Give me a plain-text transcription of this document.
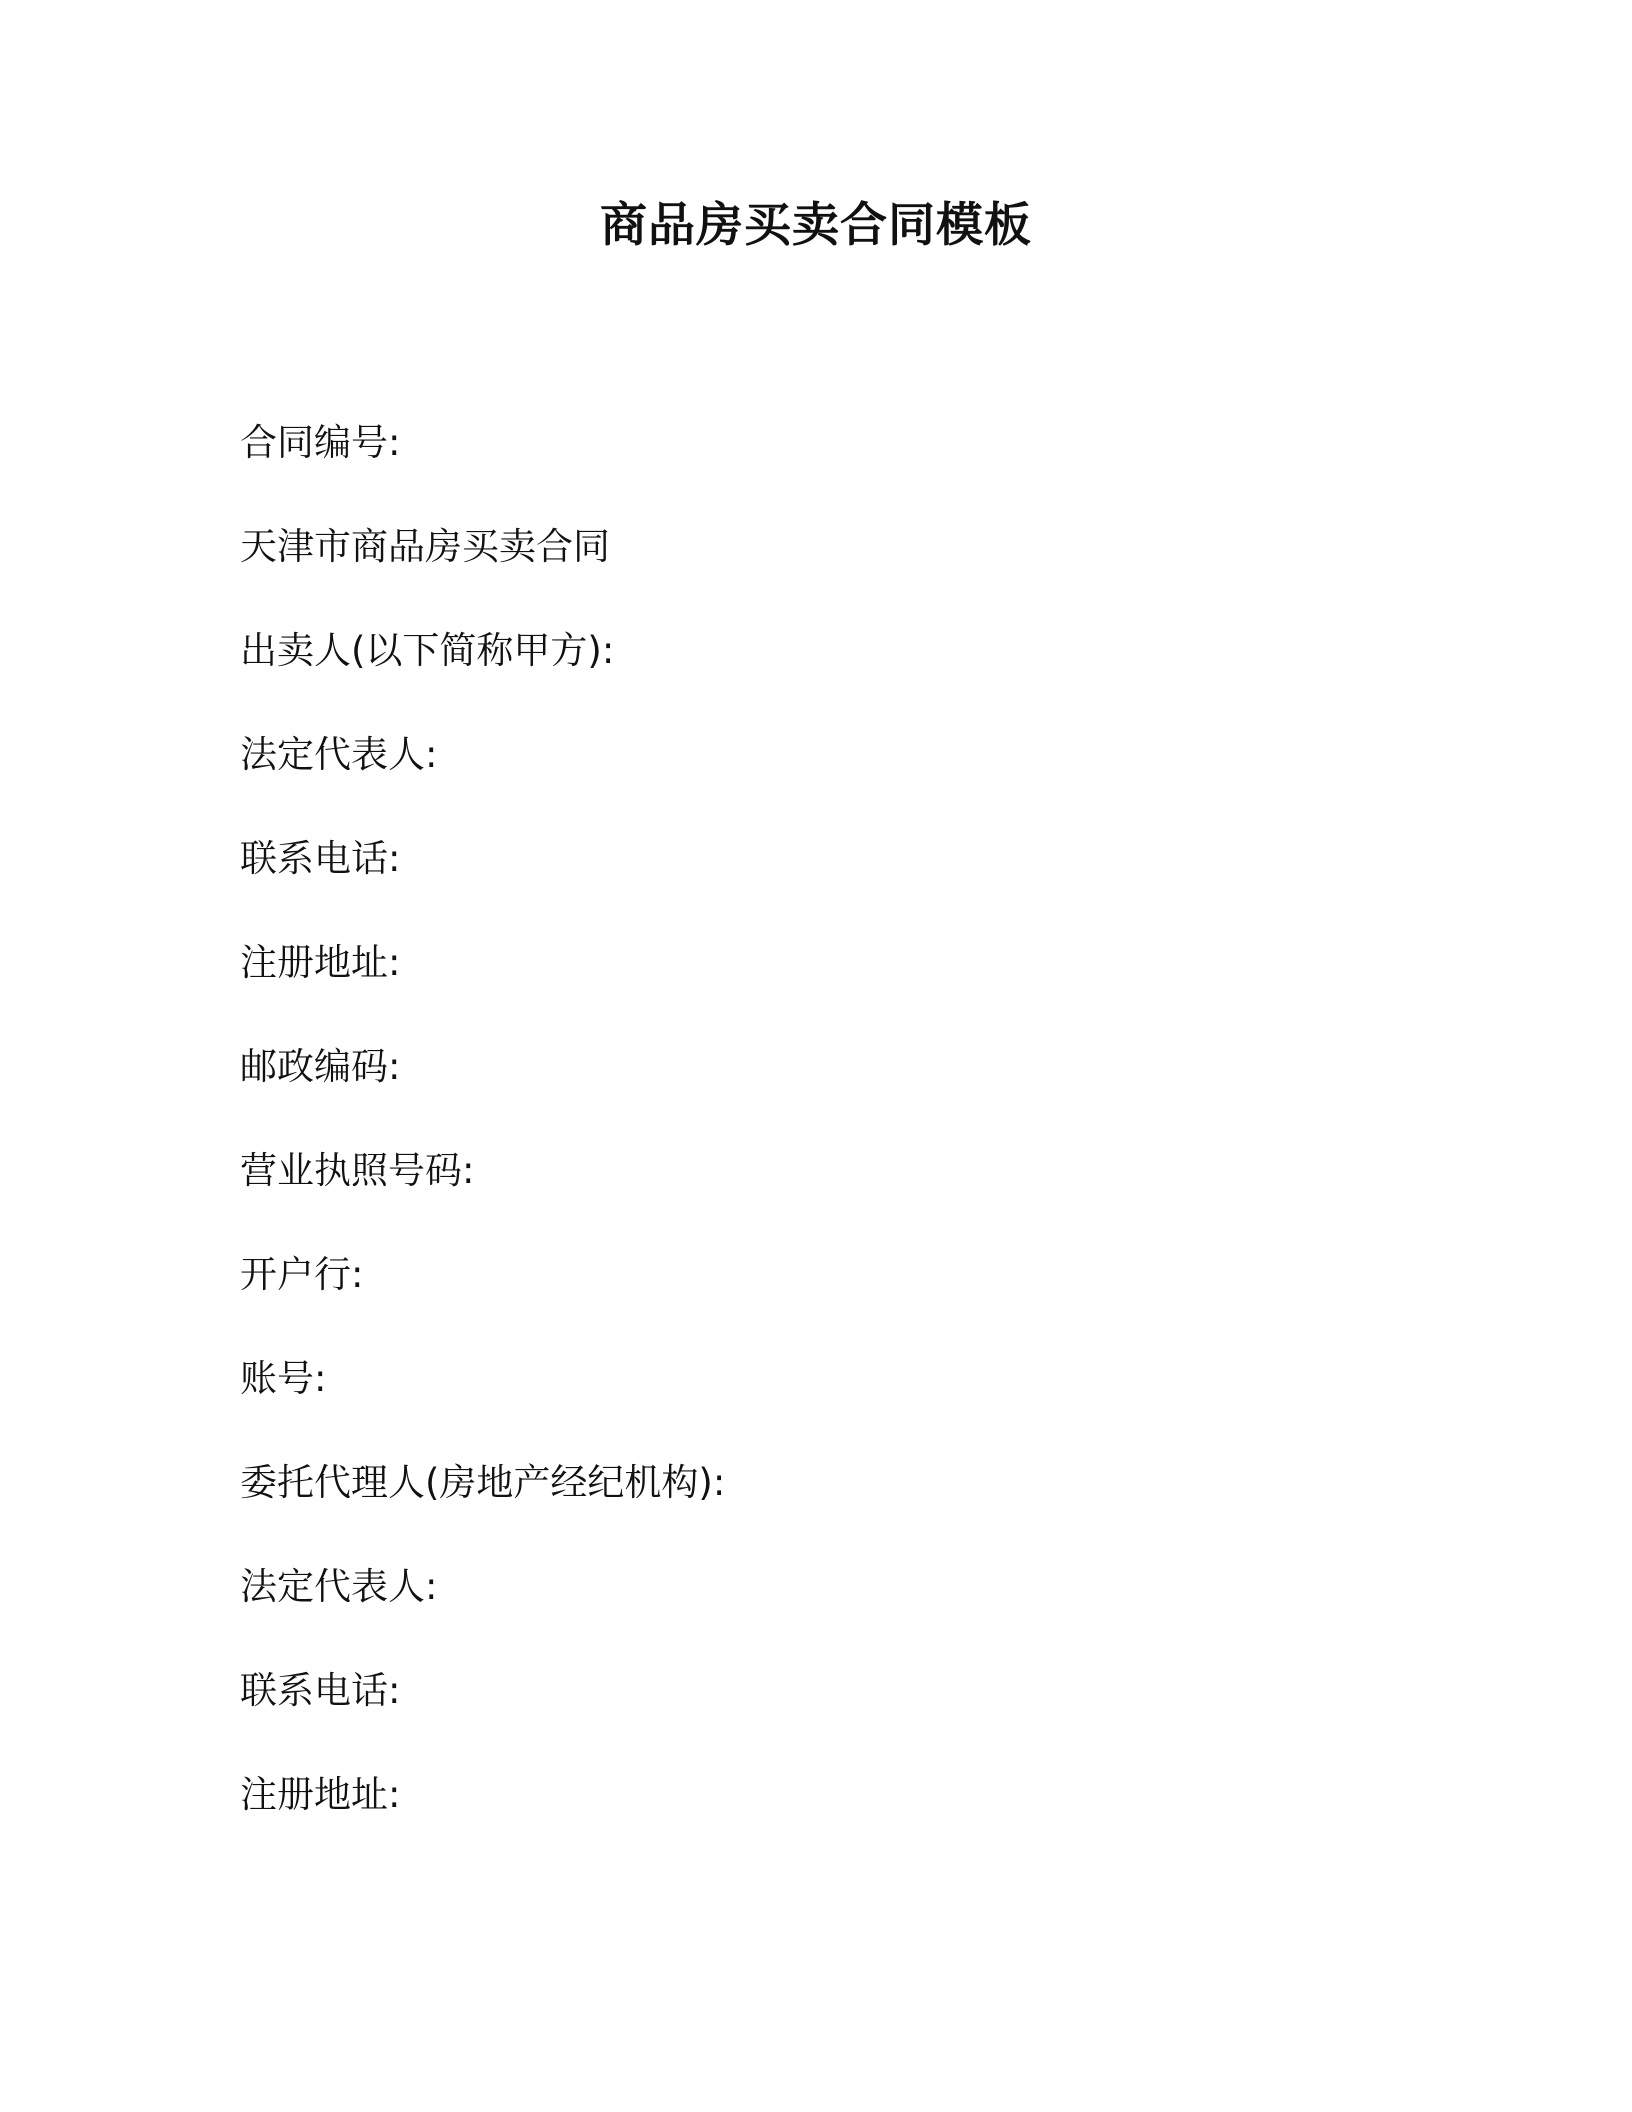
商品房买卖合同模板
合同编号:
天津市商品房买卖合同
出卖人(以下简称甲方):
法定代表人:
联系电话:
注册地址:
邮政编码:
营业执照号码:
开户行:
账号:
委托代理人(房地产经纪机构):
法定代表人:
联系电话:
注册地址:
